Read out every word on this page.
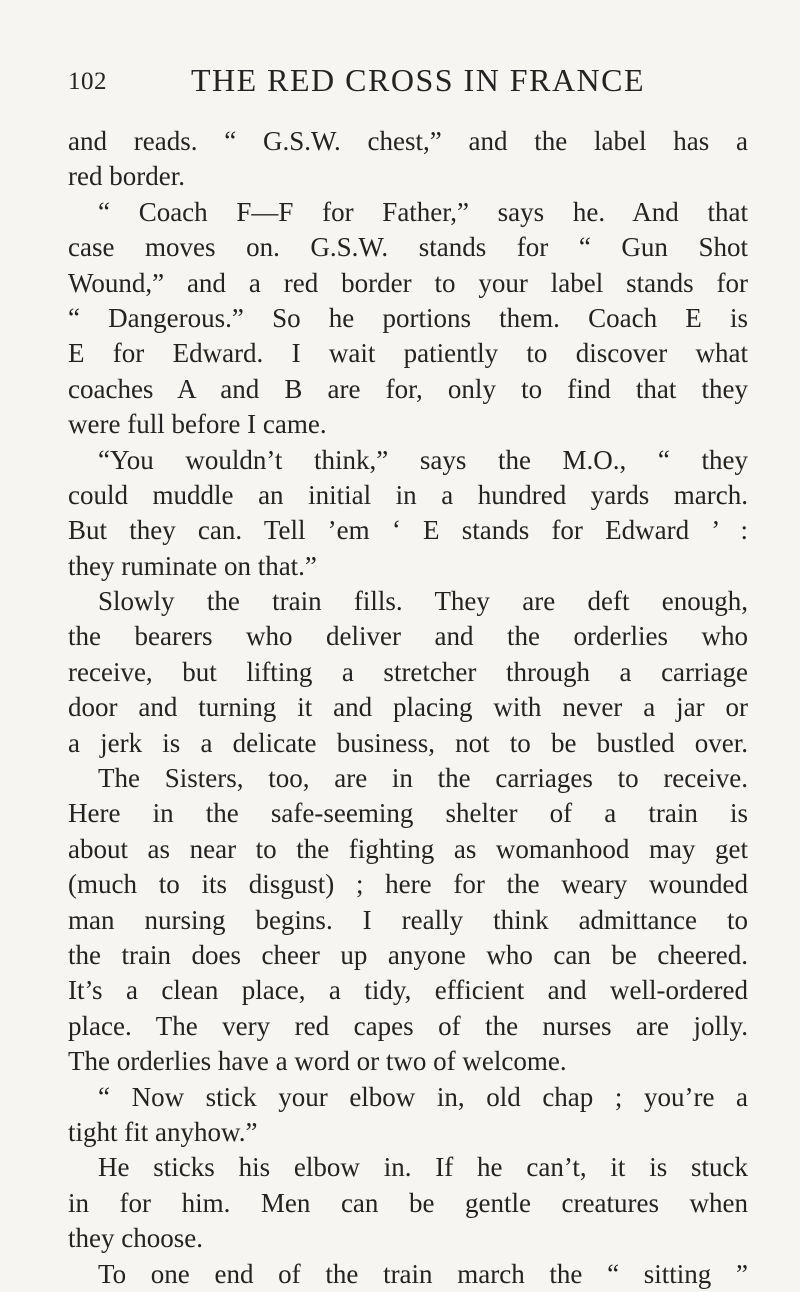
102	THE RED CROSS IN FRANCE
and reads. “ G.S.W. chest,” and the label has a
red border.
“ Coach F—F for Father,” says he. And that
case moves on. G.S.W. stands for “ Gun Shot
Wound,” and a red border to your label stands for
“ Dangerous.” So he portions them. Coach E is
E for Edward. I wait patiently to discover what
coaches A and B are for, only to find that they
were full before I came.
“You wouldn’t think,” says the M.O., “ they
could muddle an initial in a hundred yards march.
But they can. Tell ’em ‘ E stands for Edward ’ :
they ruminate on that.”
Slowly the train fills. They are deft enough,
the bearers who deliver and the orderlies who
receive, but lifting a stretcher through a carriage
door and turning it and placing with never a jar or
a jerk is a delicate business, not to be bustled over.
The Sisters, too, are in the carriages to receive.
Here in the safe-seeming shelter of a train is
about as near to the fighting as womanhood may get
(much to its disgust) ; here for the weary wounded
man nursing begins. I really think admittance to
the train does cheer up anyone who can be cheered.
It’s a clean place, a tidy, efficient and well-ordered
place. The very red capes of the nurses are jolly.
The orderlies have a word or two of welcome.
“ Now stick your elbow in, old chap ; you’re a
tight fit anyhow.”
He sticks his elbow in. If he can’t, it is stuck
in for him. Men can be gentle creatures when
they choose.
To one end of the train march the “ sitting ”
